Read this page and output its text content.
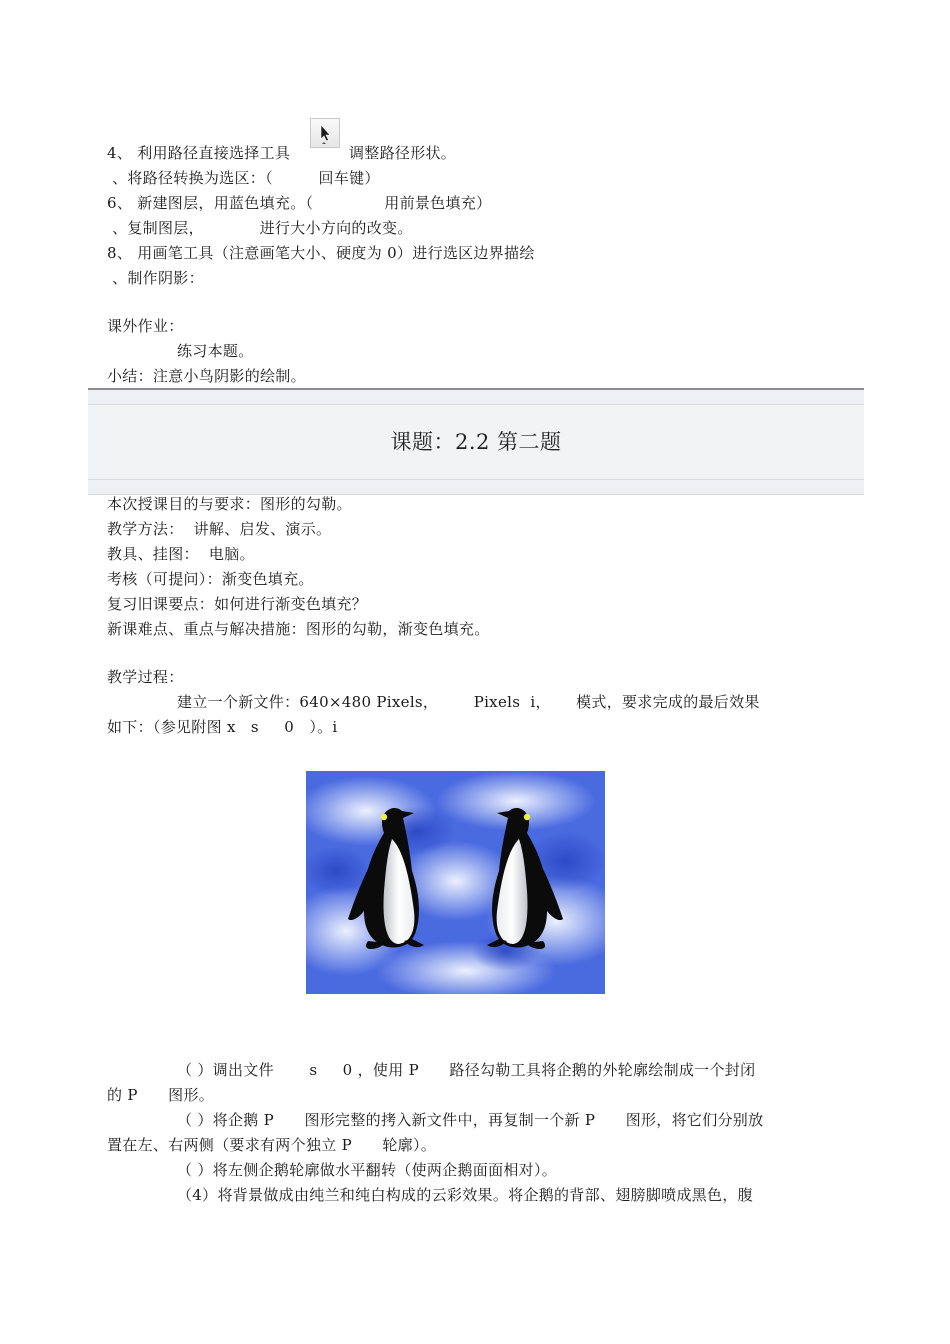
4、 利用路径直接选择工具	调整路径形状。
、将路径转换为选区：（         回车键）
6、 新建图层，用蓝色填充。（              用前景色填充）
、复制图层，           进行大小方向的改变。
8、 用画笔工具（注意画笔大小、硬度为 0）进行选区边界描绘
、制作阴影：
课外作业：
练习本题。
小结：注意小鸟阴影的绘制。
课题：2.2 第二题
本次授课目的与要求：图形的勾勒。
教学方法：  讲解、启发、演示。
教具、挂图：  电脑。
考核（可提问）：渐变色填充。
复习旧课要点：如何进行渐变色填充？
新课难点、重点与解决措施：图形的勾勒，渐变色填充。
教学过程：
建立一个新文件：640×480 Pixels，       Pixels  i，     模式，要求完成的最后效果
如下：（参见附图 x   s     0   ）。i
（ ）调出文件       s     0 ，使用 P      路径勾勒工具将企鹅的外轮廓绘制成一个封闭
的 P      图形。
（ ）将企鹅 P      图形完整的拷入新文件中，再复制一个新 P      图形，将它们分别放
置在左、右两侧（要求有两个独立 P      轮廓）。
（ ）将左侧企鹅轮廓做水平翻转（使两企鹅面面相对）。
（4）将背景做成由纯兰和纯白构成的云彩效果。将企鹅的背部、翅膀脚喷成黑色，腹
